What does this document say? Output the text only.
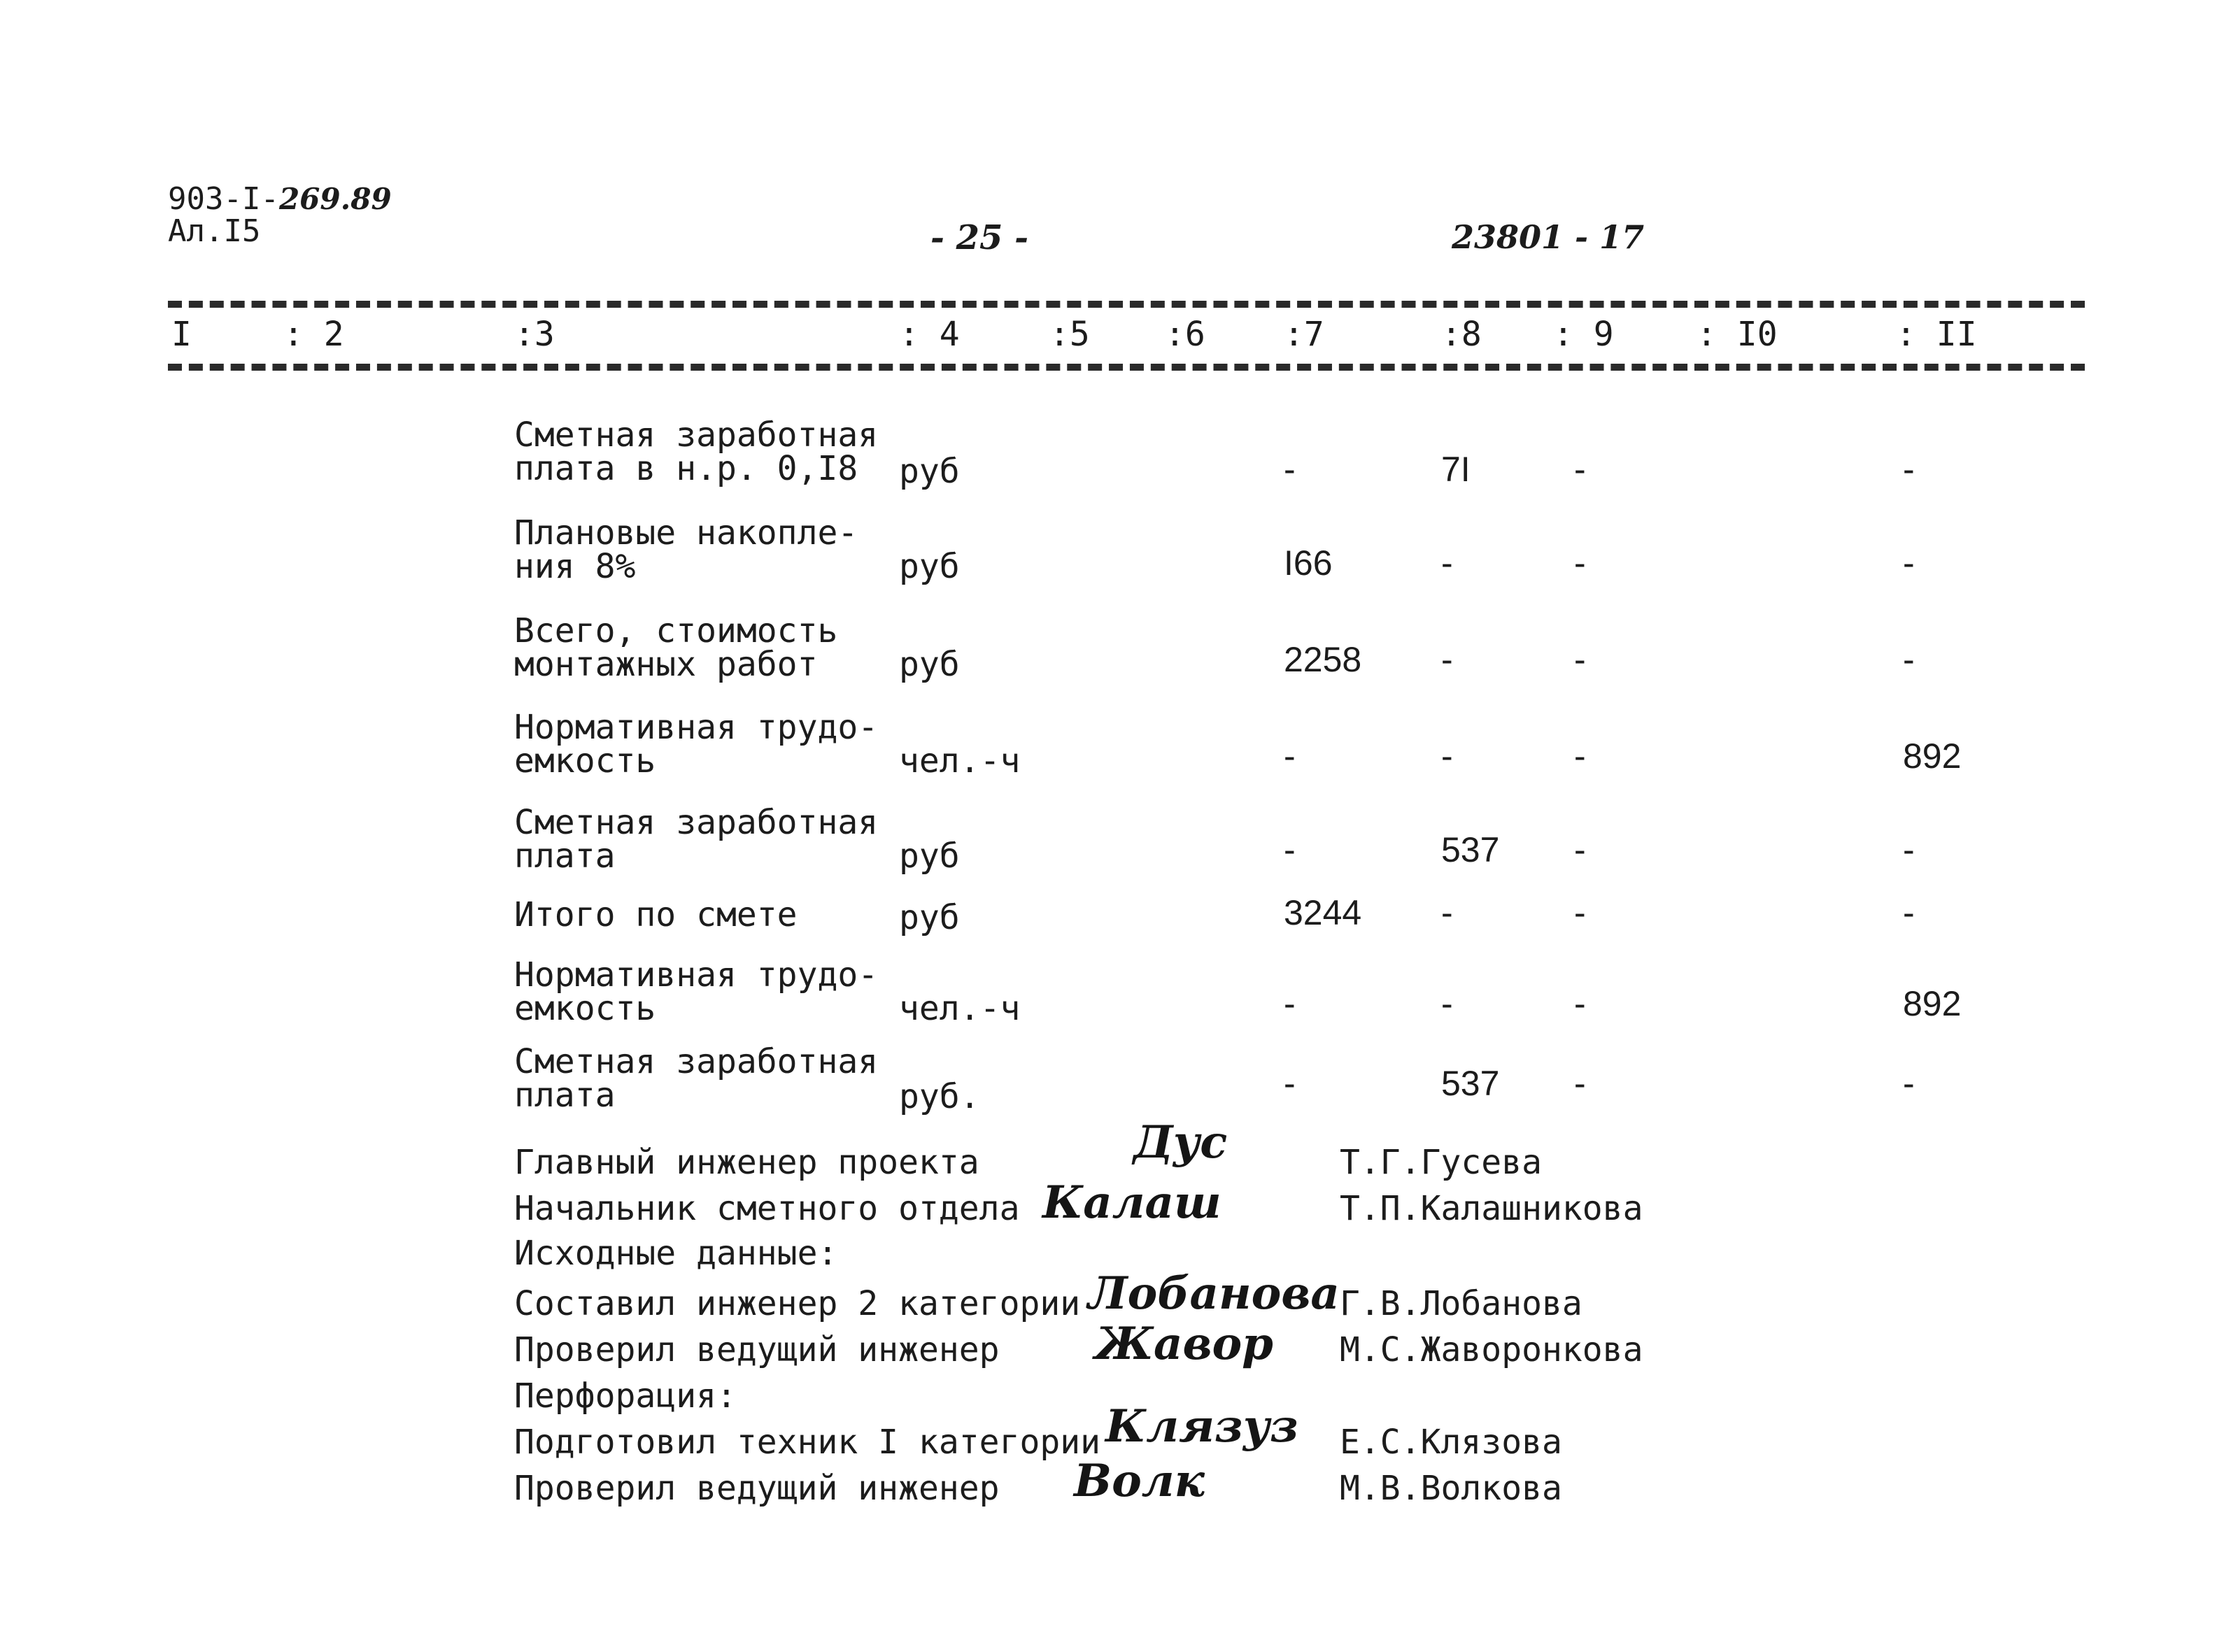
903-I-269.89
Ал.I5	- 25 -	23801 - 17
I	: 2	:3	: 4	:5 :6 :7	:8 : 9 : I0	: II
Сметная заработная
плата в н.р. 0,I8	руб	-	7I	-	-
Плановые накопле-
ния 8%	руб	I66	-	-	-
Всего, стоимость
монтажных работ	руб	2258 -	-	-
Нормативная трудо-
емкость	чел.-ч	-	-	-	892
Сметная заработная
плата	руб	-	537 -	-
Итого по смете	руб	3244 -	-	-
Нормативная трудо-
емкость	чел.-ч	-	-	-	892
Сметная заработная
плата	руб.	-	537 -	-
Главный инженер проекта	Дус	Т.Г.Гусева
Начальник сметного отдела Калаш	Т.П.Калашникова
Исходные данные:
Составил инженер 2 категории Лобанова Г.В.Лобанова
Проверил ведущий инженер Жавор М.С.Жаворонкова
Перфорация:
Подготовил техник I категории Клязуз Е.С.Клязова
Проверил ведущий инженер Волк	М.В.Волкова
